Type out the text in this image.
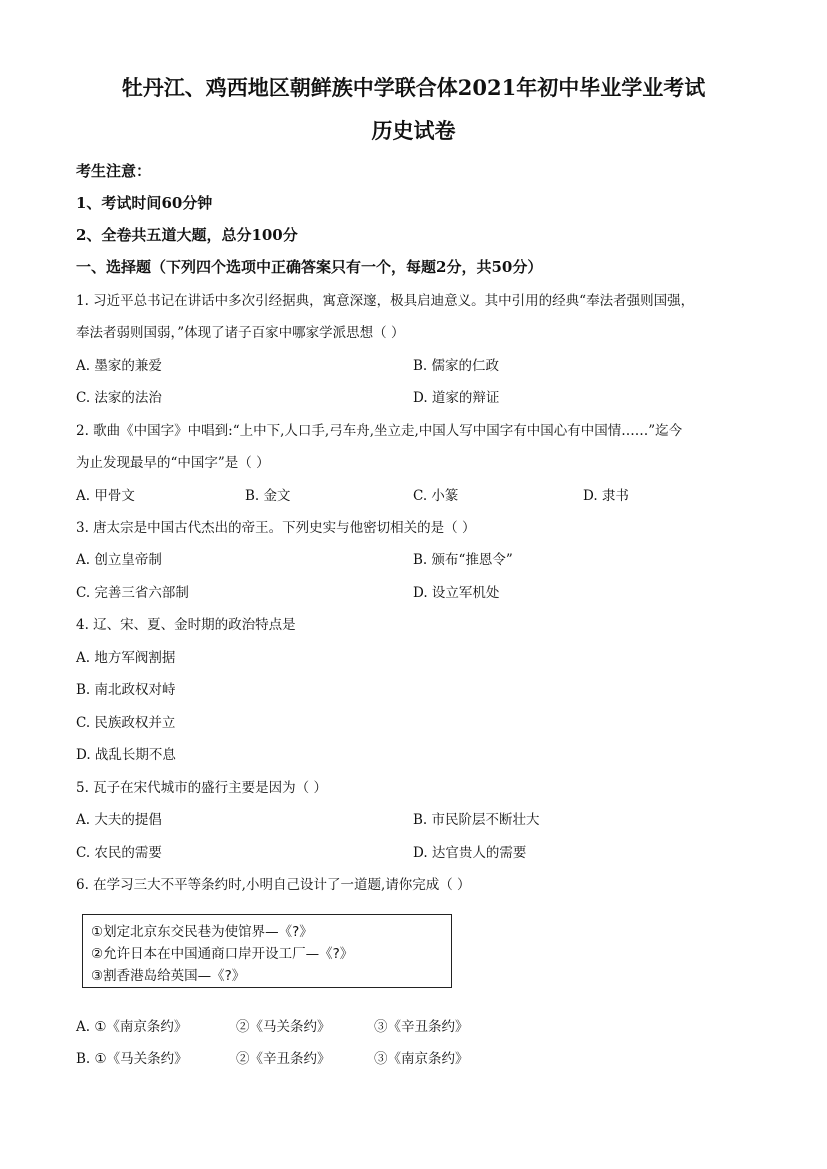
牡丹江、鸡西地区朝鲜族中学联合体2021年初中毕业学业考试
历史试卷
考生注意：
1、考试时间60分钟
2、全卷共五道大题，总分100分
一、选择题（下列四个选项中正确答案只有一个，每题2分，共50分）
1. 习近平总书记在讲话中多次引经据典，寓意深邃，极具启迪意义。其中引用的经典“奉法者强则国强，
奉法者弱则国弱，”体现了诸子百家中哪家学派思想（ ）
A. 墨家的兼爱	B. 儒家的仁政
C. 法家的法治	D. 道家的辩证
2. 歌曲《中国字》中唱到:“上中下,人口手,弓车舟,坐立走,中国人写中国字有中国心有中国情……”迄今
为止发现最早的“中国字”是（ ）
A. 甲骨文	B. 金文	C. 小篆	D. 隶书
3. 唐太宗是中国古代杰出的帝王。下列史实与他密切相关的是（ ）
A. 创立皇帝制	B. 颁布“推恩令”
C. 完善三省六部制	D. 设立军机处
4. 辽、宋、夏、金时期的政治特点是
A. 地方军阀割据
B. 南北政权对峙
C. 民族政权并立
D. 战乱长期不息
5. 瓦子在宋代城市的盛行主要是因为（ ）
A. 大夫的提倡	B. 市民阶层不断壮大
C. 农民的需要	D. 达官贵人的需要
6. 在学习三大不平等条约时,小明自己设计了一道题,请你完成（ ）
①划定北京东交民巷为使馆界—《?》
②允许日本在中国通商口岸开设工厂—《?》
③割香港岛给英国—《?》
A. ①《南京条约》	②《马关条约》	③《辛丑条约》
B. ①《马关条约》	②《辛丑条约》	③《南京条约》
